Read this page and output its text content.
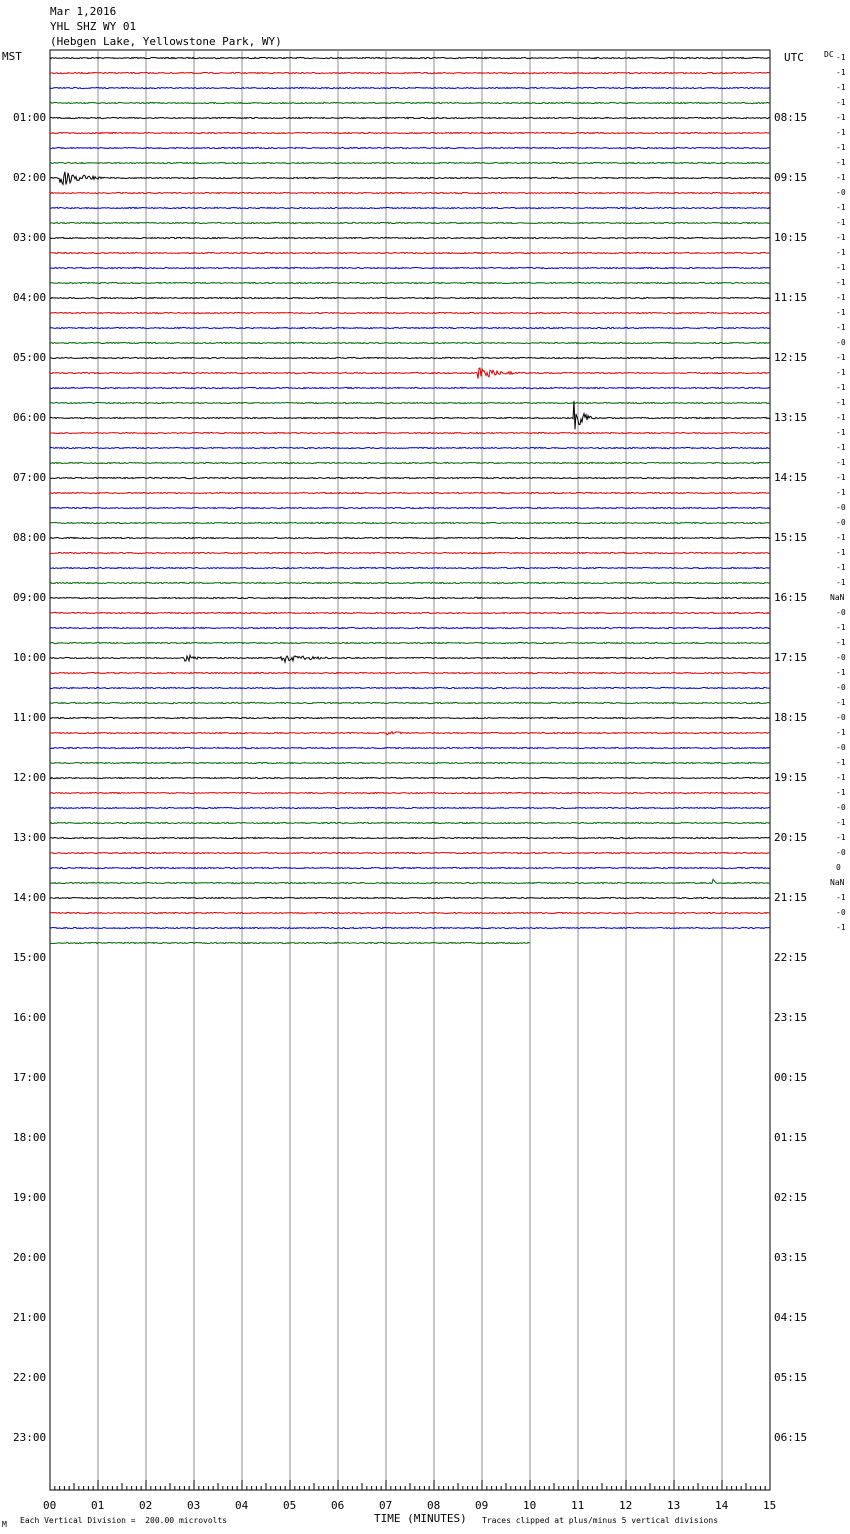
Mar 1,2016
YHL SHZ WY 01
(Hebgen Lake, Yellowstone Park, WY)
MST	DC
01:00
02:00
03:00
04:00
05:00
06:00
07:00
08:00
09:00
10:00
11:00
12:00
13:00
14:00
15:00
16:00
17:00
18:00
19:00
20:00
21:00
22:00
23:00
UTC
08:15
09:15
10:15
11:15
12:15
13:15
14:15
15:15
16:15
17:15
18:15
19:15
20:15
21:15
22:15
23:15
00:15
01:15
02:15
03:15
04:15
05:15
06:15
-1
-1
-1
-1
-1
-1
-1
-1
-1
-0
-1
-1
-1
-1
-1
-1
-1
-1
-1
-0
-1
-1
-1
-1
-1
-1
-1
-1
-1
-1
-0
-0
-1
-1
-1
-1
NaN
-0
-1
-1
-0
-1
-0
-1
-0
-1
-0
-1
-1
-1
-0
-1
-1
-0
0
NaN
-1
-0
-1
00	01	02	03	04	05	06	07	08	09	10	11	12	13	14	15
M Each Vertical Division =  200.00 microvolts	TIME (MINUTES) Traces clipped at plus/minus 5 vertical divisions
